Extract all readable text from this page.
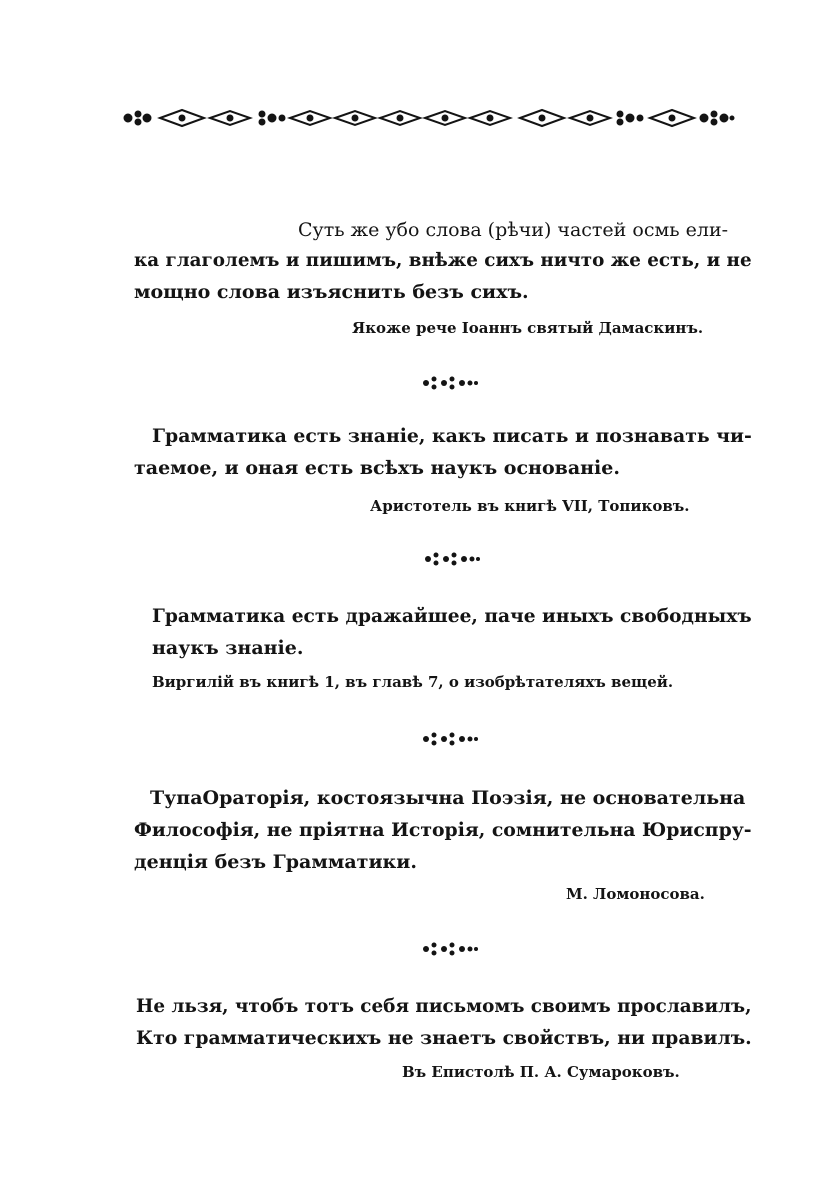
Суть же убо слова (рѣчи) частей осмь ели-
ка глаголемъ и пишимъ, внѣже сихъ ничто же есть, и не
мощно слова изъяснить безъ сихъ.
Якоже рече Іоаннъ святый Дамаскинъ.
Грамматика есть знаніе, какъ писать и познавать чи-
таемое, и оная есть всѣхъ наукъ основаніе.
Аристотель въ книгѣ VII, Топиковъ.
Грамматика есть дражайшее, паче иныхъ свободныхъ
наукъ знаніе.
Виргилій въ книгѣ 1, въ главѣ 7, о изобрѣтателяхъ вещей.
ТупаОраторія, костоязычна Поэзія, не основательна
Философія, не пріятна Исторія, сомнительна Юриспру-
денція безъ Грамматики.
М. Ломоносова.
Не льзя, чтобъ тотъ себя письмомъ своимъ прославилъ,
Кто грамматическихъ не знаетъ свойствъ, ни правилъ.
Въ Епистолѣ П. А. Сумароковъ.
